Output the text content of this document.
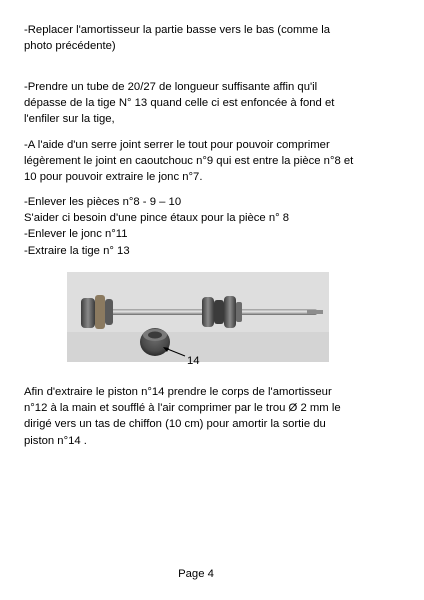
-Replacer l'amortisseur la partie basse vers le bas (comme la
photo précédente)

-Prendre un tube de 20/27 de longueur suffisante affin qu'il
dépasse de la tige N° 13 quand celle ci est enfoncée à fond et
l'enfiler sur la tige,

-A l'aide d'un serre joint serrer le tout pour pouvoir comprimer
légèrement le joint en caoutchouc n°9 qui est entre la pièce n°8 et
10 pour pouvoir extraire le jonc n°7.

-Enlever les pièces n°8 - 9 – 10
S'aider ci besoin d'une pince étaux pour la pièce n° 8
-Enlever le jonc n°11
-Extraire la tige n° 13

14

Afin d'extraire le piston n°14 prendre le corps de l'amortisseur
n°12 à la main et soufflé à l'air comprimer par le trou Ø 2 mm le
dirigé vers un tas de chiffon (10 cm) pour amortir la sortie du
piston n°14 .

Page 4
